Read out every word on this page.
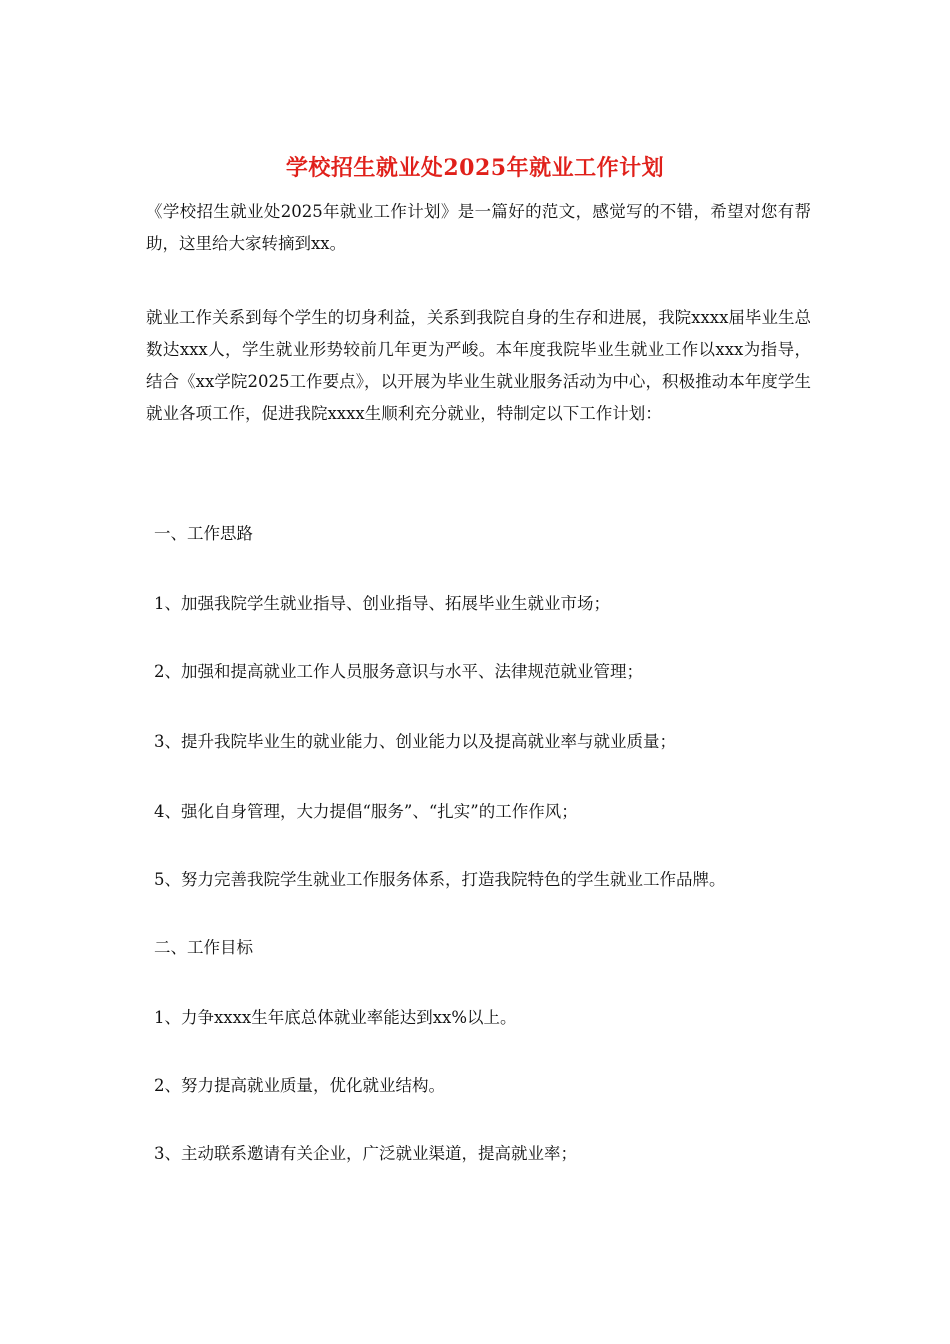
学校招生就业处2025年就业工作计划

《学校招生就业处2025年就业工作计划》是一篇好的范文，感觉写的不错，希望对您有帮助，这里给大家转摘到xx。

就业工作关系到每个学生的切身利益，关系到我院自身的生存和进展，我院xxxx届毕业生总数达xxx人，学生就业形势较前几年更为严峻。本年度我院毕业生就业工作以xxx为指导，结合《xx学院2025工作要点》，以开展为毕业生就业服务活动为中心，积极推动本年度学生就业各项工作，促进我院xxxx生顺利充分就业，特制定以下工作计划：

一、工作思路
1、加强我院学生就业指导、创业指导、拓展毕业生就业市场；
2、加强和提高就业工作人员服务意识与水平、法律规范就业管理；
3、提升我院毕业生的就业能力、创业能力以及提高就业率与就业质量；
4、强化自身管理，大力提倡“服务”、“扎实”的工作作风；
5、努力完善我院学生就业工作服务体系，打造我院特色的学生就业工作品牌。
二、工作目标
1、力争xxxx生年底总体就业率能达到xx%以上。
2、努力提高就业质量，优化就业结构。
3、主动联系邀请有关企业，广泛就业渠道，提高就业率；
